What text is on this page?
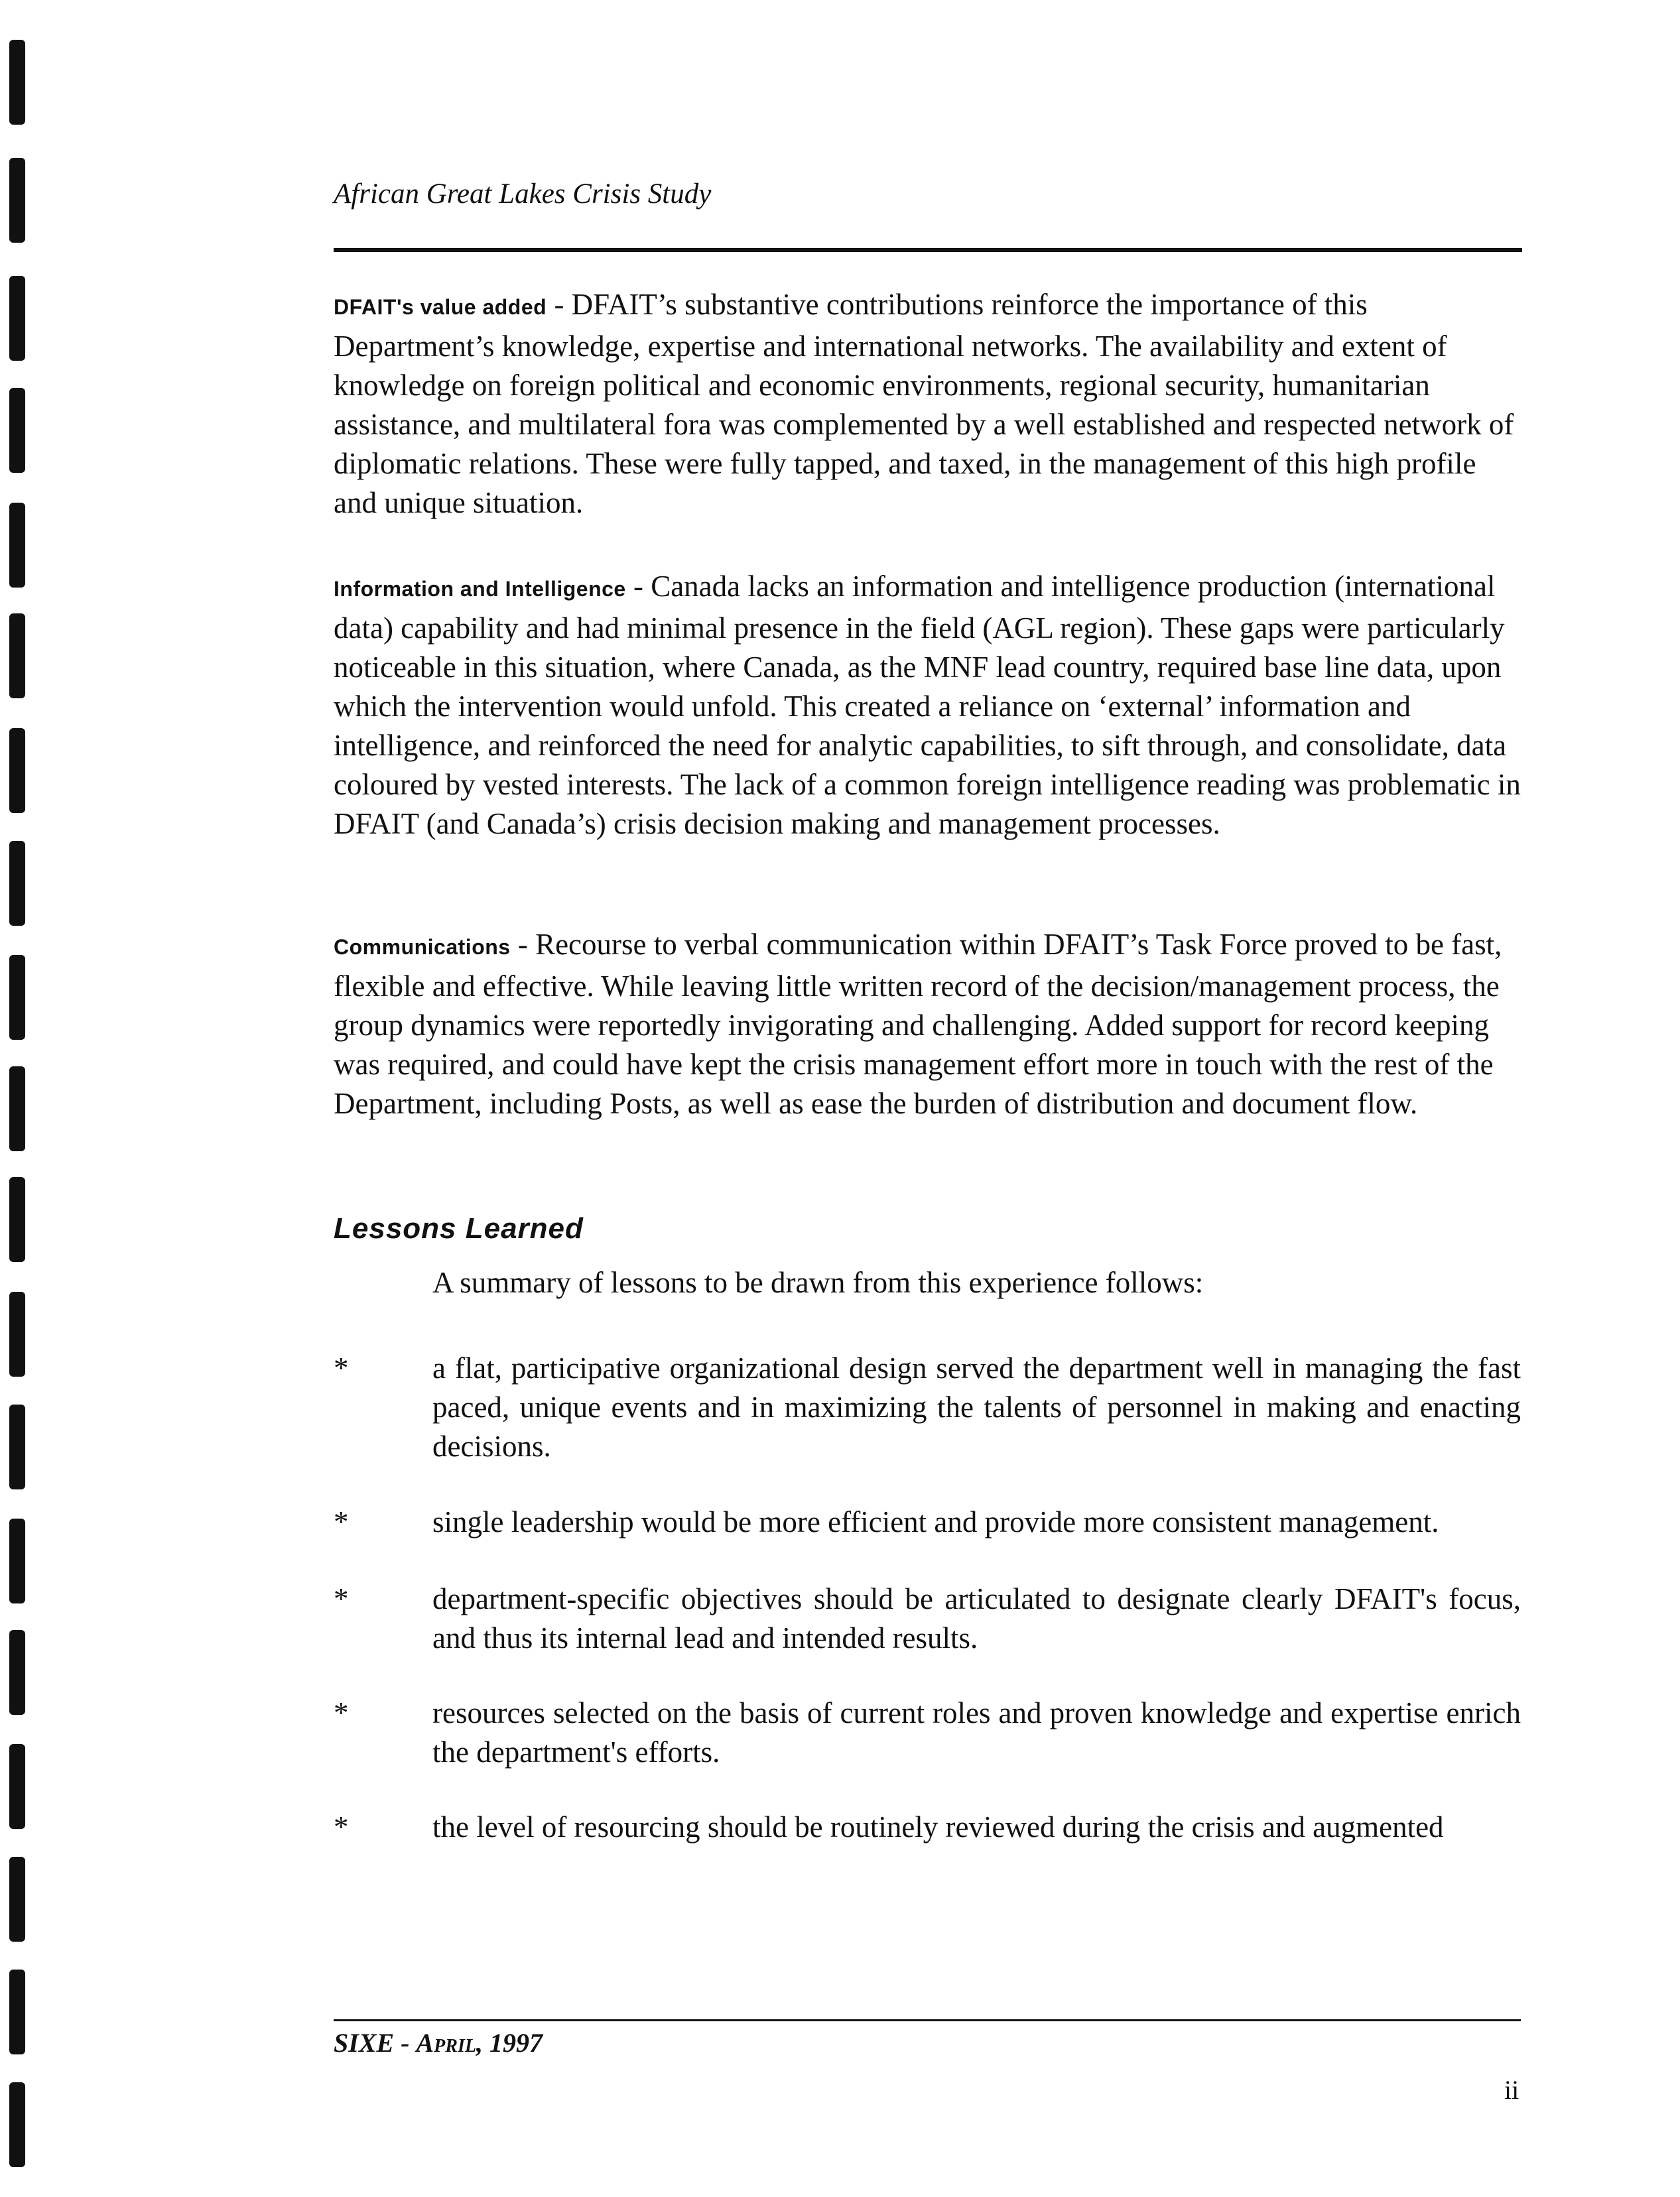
African Great Lakes Crisis Study

DFAIT's value added - DFAIT’s substantive contributions reinforce the importance of this Department’s knowledge, expertise and international networks. The availability and extent of knowledge on foreign political and economic environments, regional security, humanitarian assistance, and multilateral fora was complemented by a well established and respected network of diplomatic relations. These were fully tapped, and taxed, in the management of this high profile and unique situation.

Information and Intelligence - Canada lacks an information and intelligence production (international data) capability and had minimal presence in the field (AGL region). These gaps were particularly noticeable in this situation, where Canada, as the MNF lead country, required base line data, upon which the intervention would unfold. This created a reliance on ‘external’ information and intelligence, and reinforced the need for analytic capabilities, to sift through, and consolidate, data coloured by vested interests. The lack of a common foreign intelligence reading was problematic in DFAIT (and Canada’s) crisis decision making and management processes.

Communications - Recourse to verbal communication within DFAIT’s Task Force proved to be fast, flexible and effective. While leaving little written record of the decision/management process, the group dynamics were reportedly invigorating and challenging. Added support for record keeping was required, and could have kept the crisis management effort more in touch with the rest of the Department, including Posts, as well as ease the burden of distribution and document flow.

Lessons Learned
A summary of lessons to be drawn from this experience follows:
*	a flat, participative organizational design served the department well in managing the fast paced, unique events and in maximizing the talents of personnel in making and enacting decisions.
*	single leadership would be more efficient and provide more consistent management.
*	department-specific objectives should be articulated to designate clearly DFAIT's focus, and thus its internal lead and intended results.
*	resources selected on the basis of current roles and proven knowledge and expertise enrich the department's efforts.
*	the level of resourcing should be routinely reviewed during the crisis and augmented
SIXE - April, 1997
ii
